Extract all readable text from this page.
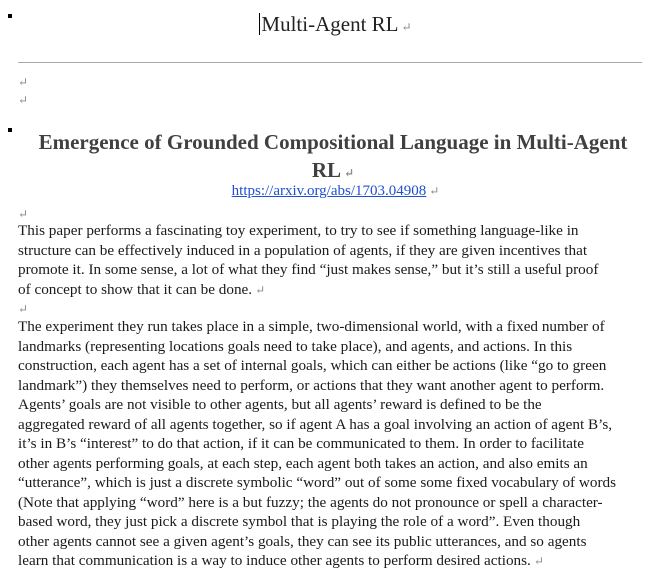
Multi-Agent RL ↵
↵
↵
Emergence of Grounded Compositional Language in Multi-Agent
RL ↵
https://arxiv.org/abs/1703.04908 ↵
↵

This paper performs a fascinating toy experiment, to try to see if something language-like in
structure can be effectively induced in a population of agents, if they are given incentives that
promote it. In some sense, a lot of what they find “just makes sense,” but it’s still a useful proof
of concept to show that it can be done. ↵

↵

The experiment they run takes place in a simple, two-dimensional world, with a fixed number of
landmarks (representing locations goals need to take place), and agents, and actions. In this
construction, each agent has a set of internal goals, which can either be actions (like “go to green
landmark”) they themselves need to perform, or actions that they want another agent to perform.
Agents’ goals are not visible to other agents, but all agents’ reward is defined to be the
aggregated reward of all agents together, so if agent A has a goal involving an action of agent B’s,
it’s in B’s “interest” to do that action, if it can be communicated to them. In order to facilitate
other agents performing goals, at each step, each agent both takes an action, and also emits an
“utterance”, which is just a discrete symbolic “word” out of some some fixed vocabulary of words
(Note that applying “word” here is a but fuzzy; the agents do not pronounce or spell a character-
based word, they just pick a discrete symbol that is playing the role of a word”. Even though
other agents cannot see a given agent’s goals, they can see its public utterances, and so agents
learn that communication is a way to induce other agents to perform desired actions. ↵
